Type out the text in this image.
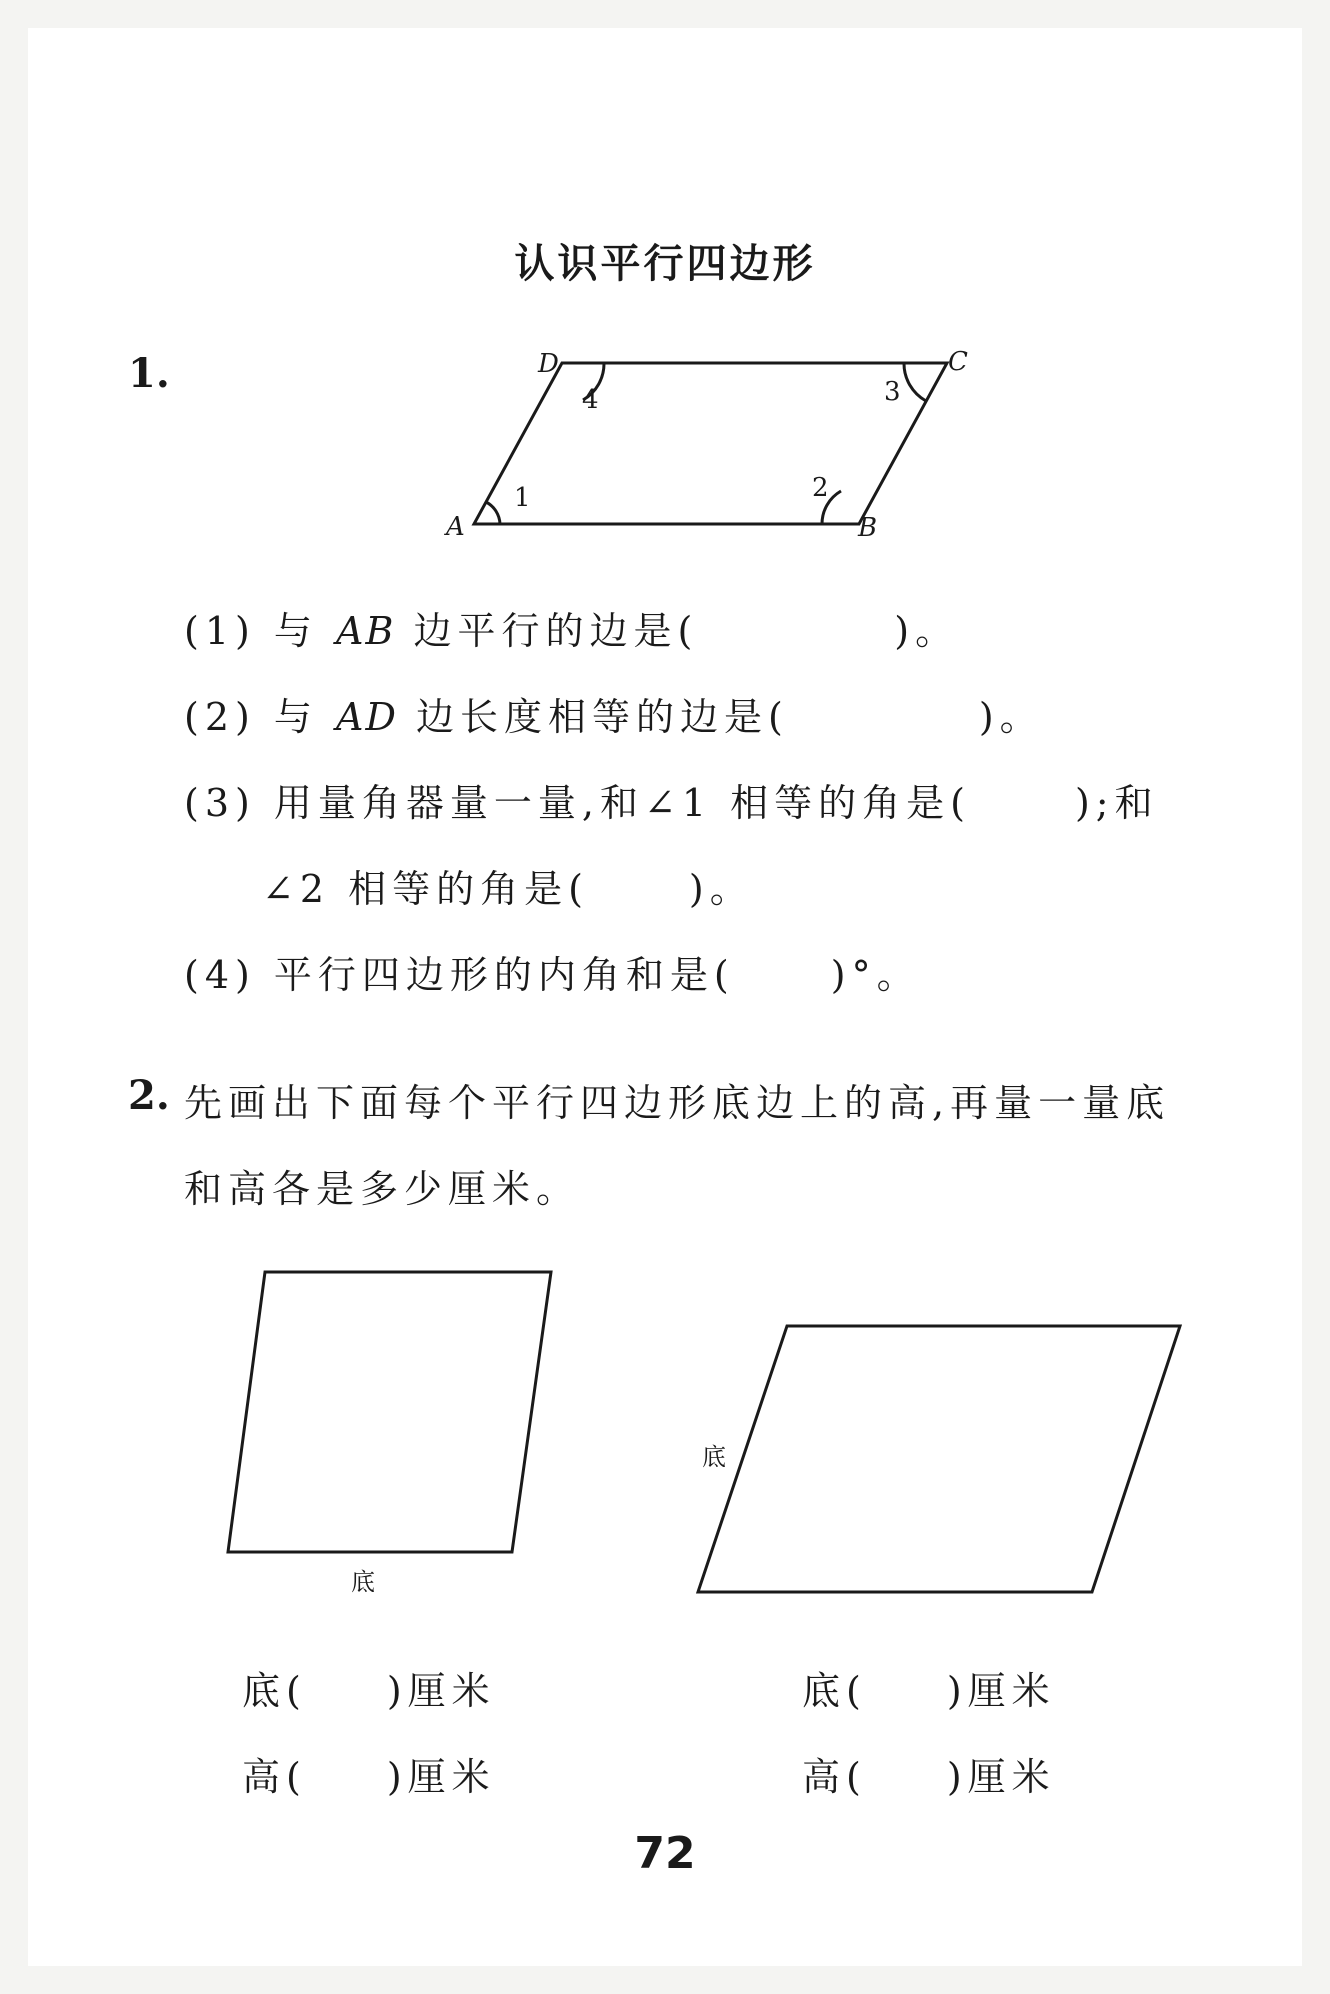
认识平行四边形
1.
A	B
C
D
1	2
3
4
底
底
(1) 与 AB 边平行的边是(	)。
(2) 与 AD 边长度相等的边是(	)。
(3) 用量角器量一量,和∠1 相等的角是(	);和
∠2 相等的角是(	)。
(4) 平行四边形的内角和是(	)°。
2. 先画出下面每个平行四边形底边上的高,再量一量底
和高各是多少厘米。
底( )厘米
高( )厘米
底( )厘米
高( )厘米
72
